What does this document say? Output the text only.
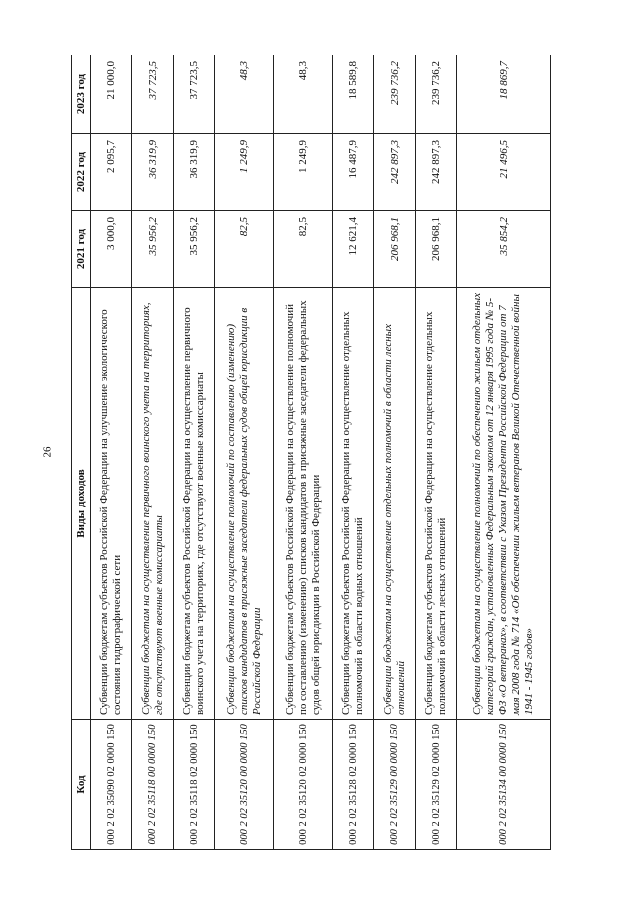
26
Код	Виды доходов	2021 год	2022 год	2023 год
000 2 02 35090 02 0000 150	Субвенции бюджетам субъектов Российской Федерации на улучшение экологического состояния гидрографической сети	3 000,0	2 095,7	21 000,0
000 2 02 35118 00 0000 150	Субвенции бюджетам на осуществление первичного воинского учета на территориях, где отсутствуют военные комиссариаты	35 956,2	36 319,9	37 723,5
000 2 02 35118 02 0000 150	Субвенции бюджетам субъектов Российской Федерации на осуществление первичного воинского учета на территориях, где отсутствуют военные комиссариаты	35 956,2	36 319,9	37 723,5
000 2 02 35120 00 0000 150	Субвенции бюджетам на осуществление полномочий по составлению (изменению) списков кандидатов в присяжные заседатели федеральных судов общей юрисдикции в Российской Федерации	82,5	1 249,9	48,3
000 2 02 35120 02 0000 150	Субвенции бюджетам субъектов Российской Федерации на осуществление полномочий по составлению (изменению) списков кандидатов в присяжные заседатели федеральных судов общей юрисдикции в Российской Федерации	82,5	1 249,9	48,3
000 2 02 35128 02 0000 150	Субвенции бюджетам субъектов Российской Федерации на осуществление отдельных полномочий в области водных отношений	12 621,4	16 487,9	18 589,8
000 2 02 35129 00 0000 150	Субвенции бюджетам на осуществление отдельных полномочий в области лесных отношений	206 968,1	242 897,3	239 736,2
000 2 02 35129 02 0000 150	Субвенции бюджетам субъектов Российской Федерации на осуществление отдельных полномочий в области лесных отношений	206 968,1	242 897,3	239 736,2
000 2 02 35134 00 0000 150	Субвенции бюджетам на осуществление полномочий по обеспечению жильем отдельных категорий граждан, установленных Федеральным законом от 12 января 1995 года № 5-ФЗ «О ветеранах», в соответствии с Указом Президента Российской Федерации от 7 мая 2008 года № 714 «Об обеспечении жильем ветеранов Великой Отечественной войны 1941 - 1945 годов»	35 854,2	21 496,5	18 869,7
